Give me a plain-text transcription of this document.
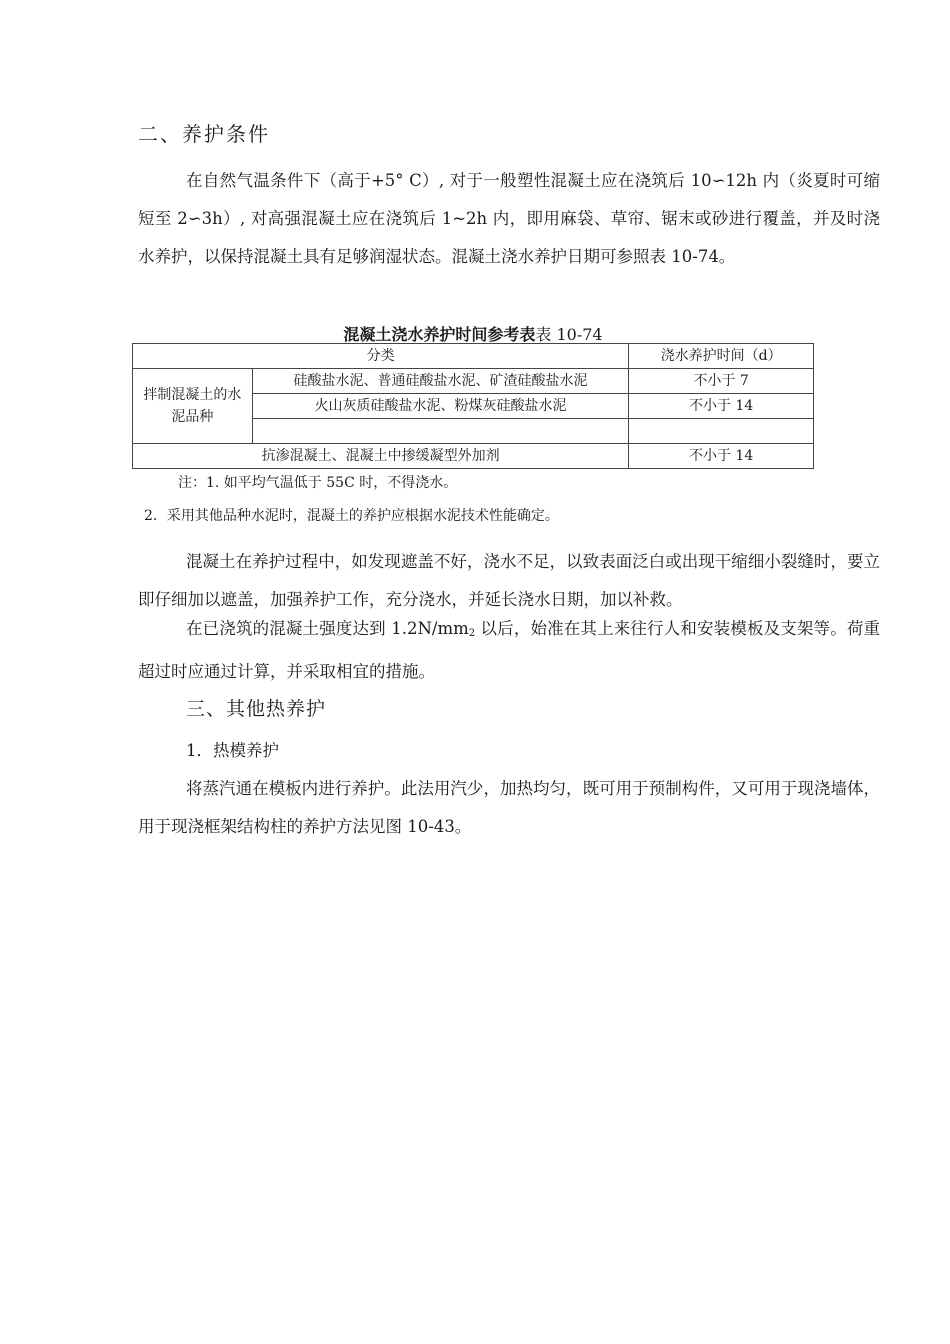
二、养护条件

在自然气温条件下（高于+5° C）, 对于一般塑性混凝土应在浇筑后 10∽12h 内（炎夏时可缩短至 2∽3h）, 对高强混凝土应在浇筑后 1~2h 内，即用麻袋、草帘、锯末或砂进行覆盖，并及时浇水养护，以保持混凝土具有足够润湿状态。混凝土浇水养护日期可参照表 10-74。

混凝土浇水养护时间参考表表 10-74

分类		浇水养护时间（d）
拌制混凝土的水泥品种	硅酸盐水泥、普通硅酸盐水泥、矿渣硅酸盐水泥	不小于 7
	火山灰质硅酸盐水泥、粉煤灰硅酸盐水泥	不小于 14

抗渗混凝土、混凝土中掺缓凝型外加剂		不小于 14

注：1. 如平均气温低于 55C 时，不得浇水。

2．采用其他品种水泥时，混凝土的养护应根据水泥技术性能确定。

混凝土在养护过程中，如发现遮盖不好，浇水不足，以致表面泛白或出现干缩细小裂缝时，要立即仔细加以遮盖，加强养护工作，充分浇水，并延长浇水日期，加以补救。

在已浇筑的混凝土强度达到 $1.2N/mm_2$ 以后，始准在其上来往行人和安装模板及支架等。荷重超过时应通过计算，并采取相宜的措施。

三、其他热养护
1．热模养护

将蒸汽通在模板内进行养护。此法用汽少，加热均匀，既可用于预制构件，又可用于现浇墙体，用于现浇框架结构柱的养护方法见图 10-43。
